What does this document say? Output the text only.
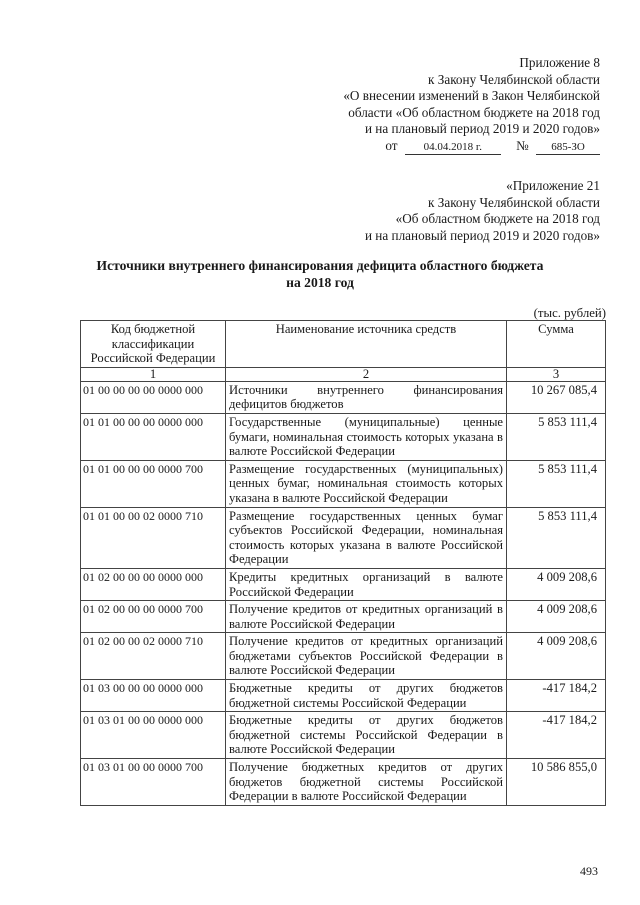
Приложение 8
к Закону Челябинской области
«О внесении изменений в Закон Челябинской
области «Об областном бюджете на 2018 год
и на плановый период 2019 и 2020 годов»
от 04.04.2018 г.	№ 685-ЗО
«Приложение 21
к Закону Челябинской области
«Об областном бюджете на 2018 год
и на плановый период 2019 и 2020 годов»
Источники внутреннего финансирования дефицита областного бюджета
на 2018 год
(тыс. рублей)
Код бюджетной классификации Российской Федерации	Наименование источника средств	Сумма
1	2	3
01 00 00 00 00 0000 000	Источники внутреннего финансирования дефицитов бюджетов	10 267 085,4
01 01 00 00 00 0000 000	Государственные (муниципальные) ценные бумаги, номинальная стоимость которых указана в валюте Российской Федерации	5 853 111,4
01 01 00 00 00 0000 700	Размещение государственных (муниципальных) ценных бумаг, номинальная стоимость которых указана в валюте Российской Федерации	5 853 111,4
01 01 00 00 02 0000 710	Размещение государственных ценных бумаг субъектов Российской Федерации, номинальная стоимость которых указана в валюте Российской Федерации	5 853 111,4
01 02 00 00 00 0000 000	Кредиты кредитных организаций в валюте Российской Федерации	4 009 208,6
01 02 00 00 00 0000 700	Получение кредитов от кредитных организаций в валюте Российской Федерации	4 009 208,6
01 02 00 00 02 0000 710	Получение кредитов от кредитных организаций бюджетами субъектов Российской Федерации в валюте Российской Федерации	4 009 208,6
01 03 00 00 00 0000 000	Бюджетные кредиты от других бюджетов бюджетной системы Российской Федерации	-417 184,2
01 03 01 00 00 0000 000	Бюджетные кредиты от других бюджетов бюджетной системы Российской Федерации в валюте Российской Федерации	-417 184,2
01 03 01 00 00 0000 700	Получение бюджетных кредитов от других бюджетов бюджетной системы Российской Федерации в валюте Российской Федерации	10 586 855,0
493
